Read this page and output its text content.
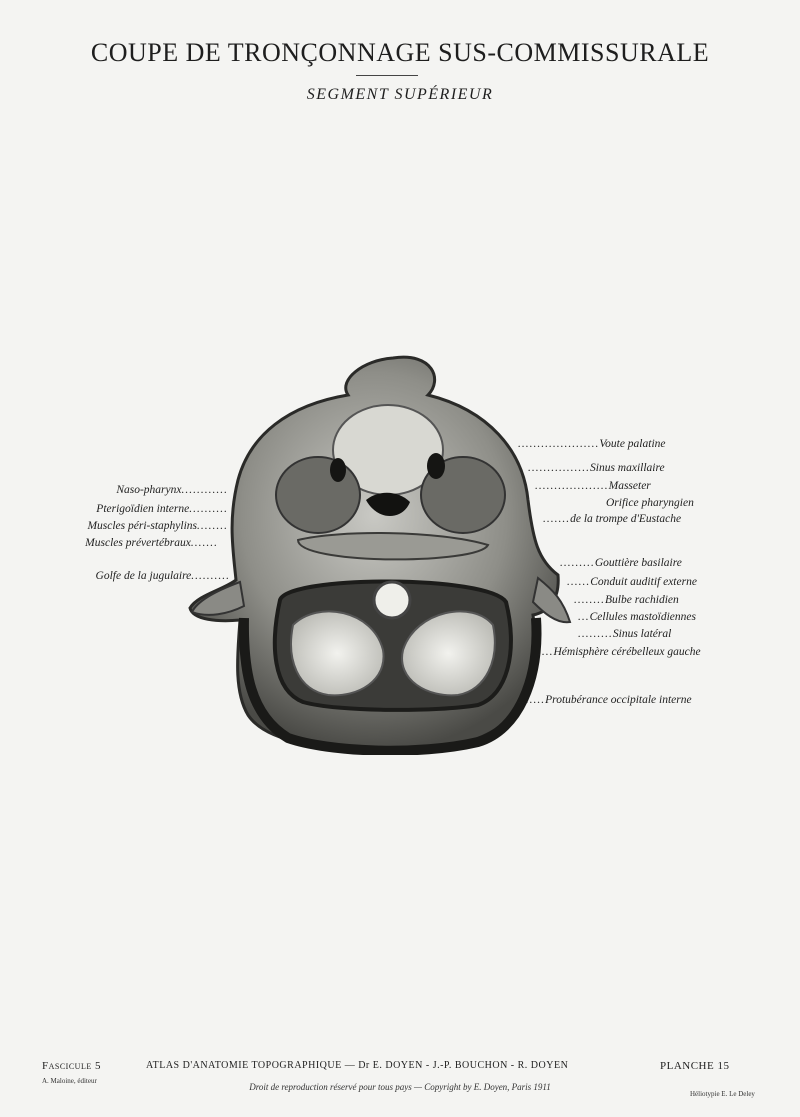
COUPE DE TRONÇONNAGE SUS-COMMISSURALE
SEGMENT SUPÉRIEUR
Naso-pharynx............
Pterigoïdien interne..........
Muscles péri-staphylins........
Muscles prévertébraux.......
Golfe de la jugulaire..........
.....................Voute palatine
................Sinus maxillaire
...................Masseter
Orifice pharyngien
.......de la trompe d'Eustache
.........Gouttière basilaire
......Conduit auditif externe
........Bulbe rachidien
...Cellules mastoïdiennes
.........Sinus latéral
....Hémisphère cérébelleux gauche
.......Protubérance occipitale interne
Fascicule 5	ATLAS D'ANATOMIE TOPOGRAPHIQUE — Dr E. DOYEN - J.-P. BOUCHON - R. DOYEN	PLANCHE 15
A. Maloine, éditeur
Droit de reproduction réservé pour tous pays — Copyright by E. Doyen, Paris 1911
Héliotypie E. Le Deley
